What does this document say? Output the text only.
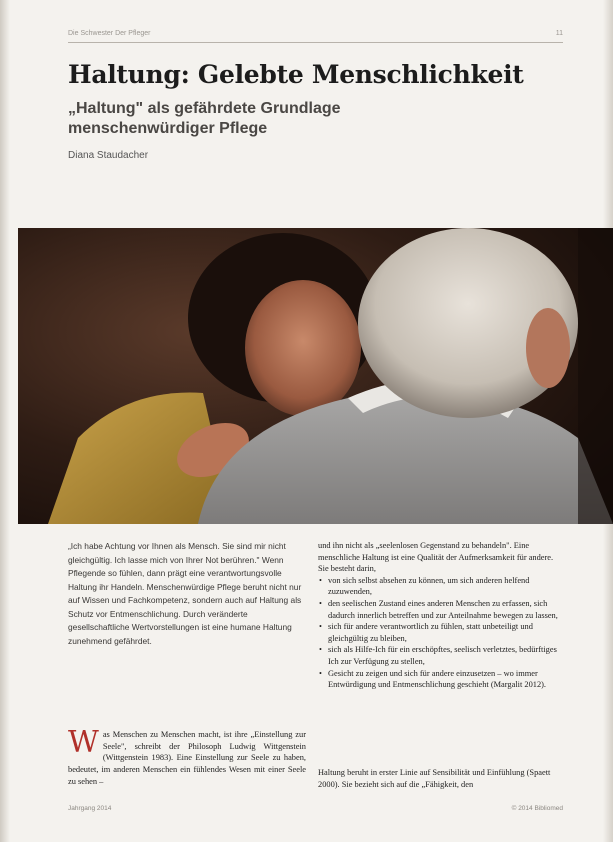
Die Schwester Der Pfleger	11
Haltung: Gelebte Menschlichkeit
„Haltung" als gefährdete Grundlage menschenwürdiger Pflege
Diana Staudacher

„Ich habe Achtung vor Ihnen als Mensch. Sie sind mir nicht gleichgültig. Ich lasse mich von Ihrer Not berühren." Wenn Pflegende so fühlen, dann prägt eine verantwortungsvolle Haltung ihr Handeln. Menschenwürdige Pflege beruht nicht nur auf Wissen und Fachkompetenz, sondern auch auf Haltung als Schutz vor Entmenschlichung. Durch veränderte gesellschaftliche Wertvorstellungen ist eine humane Haltung zunehmend gefährdet.

Was Menschen zu Menschen macht, ist ihre „Einstellung zur Seele", schreibt der Philosoph Ludwig Wittgenstein (Wittgenstein 1983). Eine Einstellung zur Seele zu haben, bedeutet, im anderen Menschen ein fühlendes Wesen mit einer Seele zu sehen –

und ihn nicht als „seelenlosen Gegenstand zu behandeln". Eine menschliche Haltung ist eine Qualität der Aufmerksamkeit für andere. Sie besteht darin,

• von sich selbst absehen zu können, um sich anderen helfend zuzuwenden,
• den seelischen Zustand eines anderen Menschen zu erfassen, sich dadurch innerlich betreffen und zur Anteilnahme bewegen zu lassen,
• sich für andere verantwortlich zu fühlen, statt unbeteiligt und gleichgültig zu bleiben,
• sich als Hilfe-Ich für ein erschöpftes, seelisch verletztes, bedürftiges Ich zur Verfügung zu stellen,
• Gesicht zu zeigen und sich für andere einzusetzen – wo immer Entwürdigung und Entmenschlichung geschieht (Margalit 2012).

Haltung beruht in erster Linie auf Sensibilität und Einfühlung (Spaett 2000). Sie bezieht sich auf die „Fähigkeit, den

Jahrgang 2014	© 2014 Bibliomed
